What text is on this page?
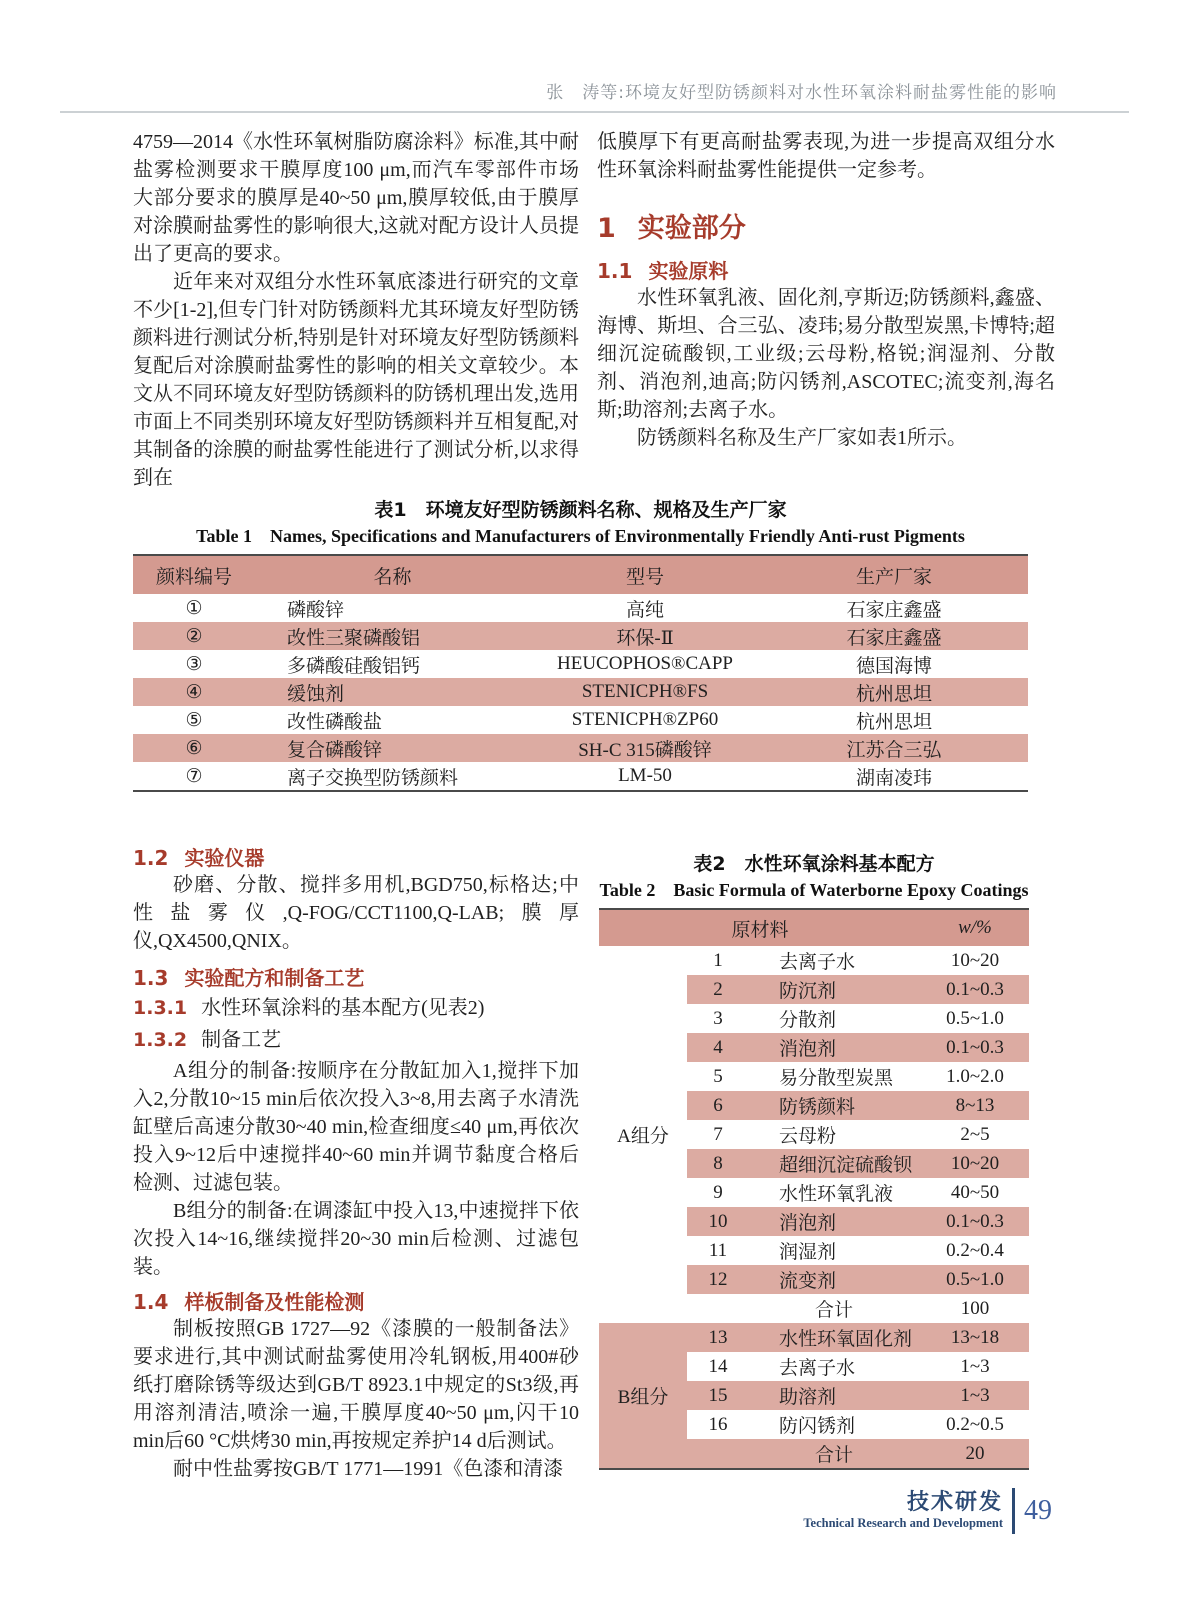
张　涛等:环境友好型防锈颜料对水性环氧涂料耐盐雾性能的影响

4759—2014《水性环氧树脂防腐涂料》标准,其中耐盐雾检测要求干膜厚度100 μm,而汽车零部件市场大部分要求的膜厚是40~50 μm,膜厚较低,由于膜厚对涂膜耐盐雾性的影响很大,这就对配方设计人员提出了更高的要求。

近年来对双组分水性环氧底漆进行研究的文章不少[1-2],但专门针对防锈颜料尤其环境友好型防锈颜料进行测试分析,特别是针对环境友好型防锈颜料复配后对涂膜耐盐雾性的影响的相关文章较少。本文从不同环境友好型防锈颜料的防锈机理出发,选用市面上不同类别环境友好型防锈颜料并互相复配,对其制备的涂膜的耐盐雾性能进行了测试分析,以求得到在

低膜厚下有更高耐盐雾表现,为进一步提高双组分水性环氧涂料耐盐雾性能提供一定参考。

1 实验部分
1.1 实验原料

水性环氧乳液、固化剂,亨斯迈;防锈颜料,鑫盛、海博、斯坦、合三弘、凌玮;易分散型炭黑,卡博特;超细沉淀硫酸钡,工业级;云母粉,格锐;润湿剂、分散剂、消泡剂,迪高;防闪锈剂,ASCOTEC;流变剂,海名斯;助溶剂;去离子水。

防锈颜料名称及生产厂家如表1所示。

表1　环境友好型防锈颜料名称、规格及生产厂家
Table 1　Names, Specifications and Manufacturers of Environmentally Friendly Anti-rust Pigments
颜料编号	名称	型号	生产厂家
①	磷酸锌	高纯	石家庄鑫盛
②	改性三聚磷酸铝	环保-Ⅱ	石家庄鑫盛
③	多磷酸硅酸铝钙	HEUCOPHOS®CAPP	德国海博
④	缓蚀剂	STENICPH®FS	杭州思坦
⑤	改性磷酸盐	STENICPH®ZP60	杭州思坦
⑥	复合磷酸锌	SH-C 315磷酸锌	江苏合三弘
⑦	离子交换型防锈颜料	LM-50	湖南凌玮
1.2 实验仪器

砂磨、分散、搅拌多用机,BGD750,标格达;中性盐雾仪,Q-FOG/CCT1100,Q-LAB;膜厚仪,QX4500,QNIX。

1.3 实验配方和制备工艺

1.3.1 水性环氧涂料的基本配方(见表2)

1.3.2 制备工艺

A组分的制备:按顺序在分散缸加入1,搅拌下加入2,分散10~15 min后依次投入3~8,用去离子水清洗缸壁后高速分散30~40 min,检查细度≤40 μm,再依次投入9~12后中速搅拌40~60 min并调节黏度合格后检测、过滤包装。

B组分的制备:在调漆缸中投入13,中速搅拌下依次投入14~16,继续搅拌20~30 min后检测、过滤包装。

1.4 样板制备及性能检测

制板按照GB 1727—92《漆膜的一般制备法》要求进行,其中测试耐盐雾使用冷轧钢板,用400#砂纸打磨除锈等级达到GB/T 8923.1中规定的St3级,再用溶剂清洁,喷涂一遍,干膜厚度40~50 μm,闪干10 min后60 °C烘烤30 min,再按规定养护14 d后测试。

耐中性盐雾按GB/T 1771—1991《色漆和清漆

表2　水性环氧涂料基本配方
Table 2　Basic Formula of Waterborne Epoxy Coatings
原材料			w/%
A组分	1	去离子水	10~20
	2	防沉剂	0.1~0.3
	3	分散剂	0.5~1.0
	4	消泡剂	0.1~0.3
	5	易分散型炭黑	1.0~2.0
	6	防锈颜料	8~13
	7	云母粉	2~5
	8	超细沉淀硫酸钡	10~20
	9	水性环氧乳液	40~50
	10	消泡剂	0.1~0.3
	11	润湿剂	0.2~0.4
	12	流变剂	0.5~1.0
		合计	100
B组分	13	水性环氧固化剂	13~18
	14	去离子水	1~3
	15	助溶剂	1~3
	16	防闪锈剂	0.2~0.5
		合计	20
技术研发
Technical Research and Development 49
